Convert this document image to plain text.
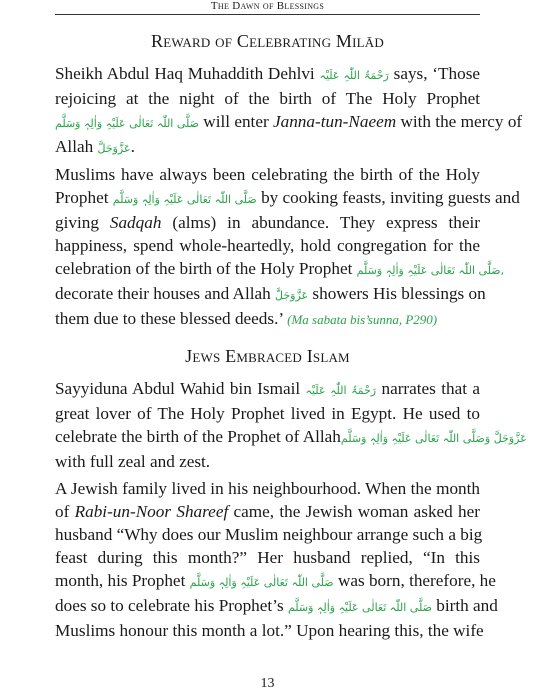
The Dawn of Blessings
Reward of Celebrating Milād
Sheikh Abdul Haq Muhaddith Dehlvi رَحْمَۃُ اللّٰہِ عَلَیْہ says, ‘Those
rejoicing at the night of the birth of The Holy Prophet
صَلَّی اللّٰہ تَعَالٰی عَلَیْہِ وَاٰلِہٖ وَسَلَّم will enter Janna-tun-Naeem with the mercy of
Allah عَزَّوَجَلَّ.
Muslims have always been celebrating the birth of the Holy
Prophet صَلَّی اللّٰہ تَعَالٰی عَلَیْہِ وَاٰلِہٖ وَسَلَّم by cooking feasts, inviting guests and
giving Sadqah (alms) in abundance. They express their
happiness, spend whole-heartedly, hold congregation for the
celebration of the birth of the Holy Prophet صَلَّی اللّٰہ تَعَالٰی عَلَیْہِ وَاٰلِہٖ وَسَلَّم,
decorate their houses and Allah عَزَّوَجَلَّ showers His blessings on
them due to these blessed deeds.’ (Ma sabata bis’sunna, P290)
Jews Embraced Islam
Sayyiduna Abdul Wahid bin Ismail رَحْمَۃُ اللّٰہِ عَلَیْہ narrates that a
great lover of The Holy Prophet lived in Egypt. He used to
celebrate the birth of the Prophet of Allahعَزَّوَجَلَّ وَصَلَّی اللّٰہ تَعَالٰی عَلَیْہِ وَاٰلِہٖ وَسَلَّم
with full zeal and zest.
A Jewish family lived in his neighbourhood. When the month
of Rabi-un-Noor Shareef came, the Jewish woman asked her
husband “Why does our Muslim neighbour arrange such a big
feast during this month?” Her husband replied, “In this
month, his Prophet صَلَّی اللّٰہ تَعَالٰی عَلَیْہِ وَاٰلِہٖ وَسَلَّم was born, therefore, he
does so to celebrate his Prophet’s صَلَّی اللّٰہ تَعَالٰی عَلَیْہِ وَاٰلِہٖ وَسَلَّم birth and
Muslims honour this month a lot.” Upon hearing this, the wife
13
